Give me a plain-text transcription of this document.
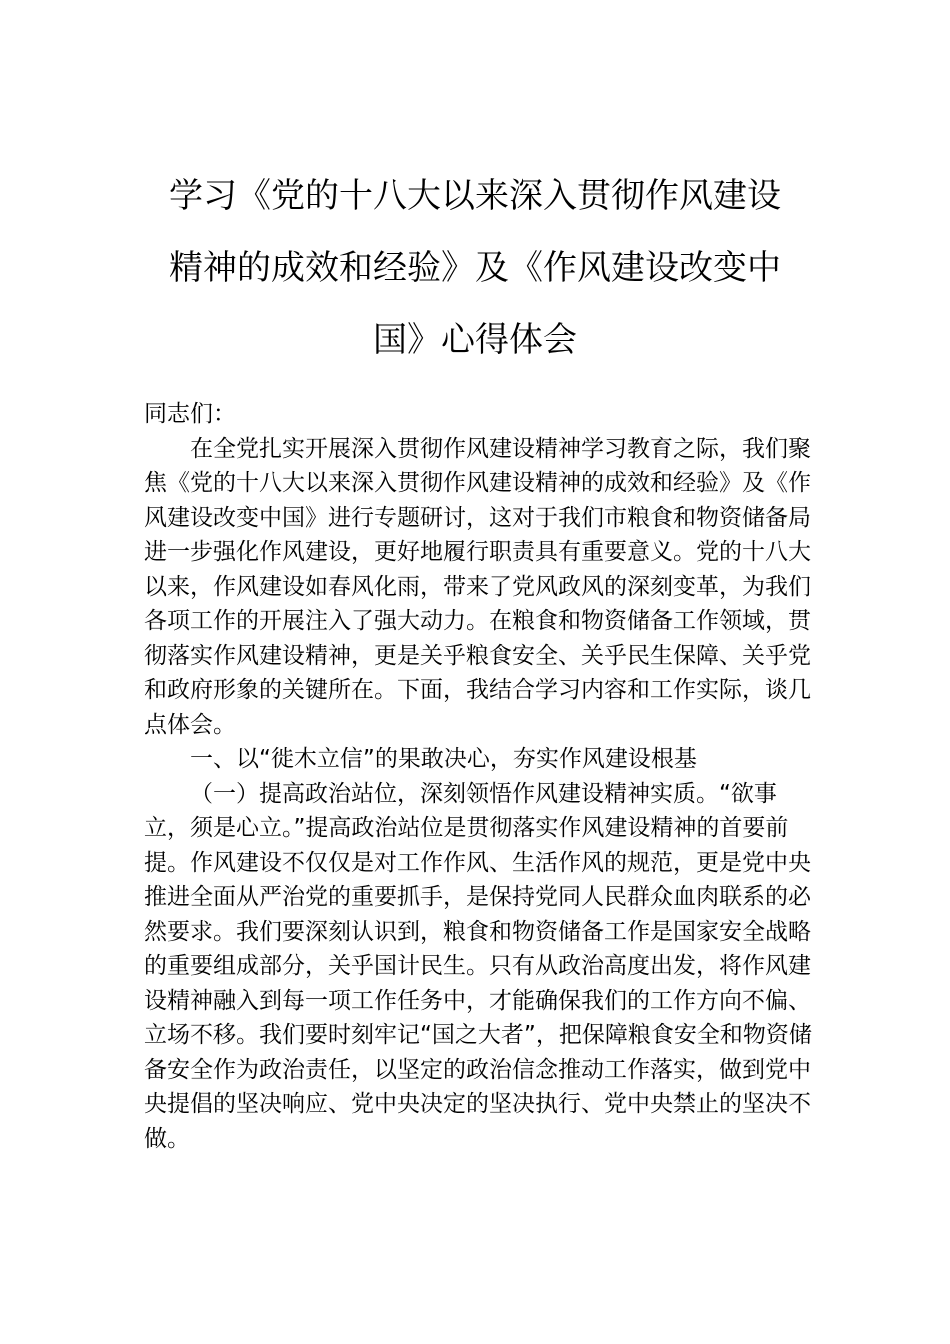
学习《党的十八大以来深入贯彻作风建设
精神的成效和经验》及《作风建设改变中
国》心得体会

同志们：

在全党扎实开展深入贯彻作风建设精神学习教育之际，我们聚焦《党的十八大以来深入贯彻作风建设精神的成效和经验》及《作风建设改变中国》进行专题研讨，这对于我们市粮食和物资储备局进一步强化作风建设，更好地履行职责具有重要意义。党的十八大以来，作风建设如春风化雨，带来了党风政风的深刻变革，为我们各项工作的开展注入了强大动力。在粮食和物资储备工作领域，贯彻落实作风建设精神，更是关乎粮食安全、关乎民生保障、关乎党和政府形象的关键所在。下面，我结合学习内容和工作实际，谈几点体会。

一、以“徙木立信”的果敢决心，夯实作风建设根基

（一）提高政治站位，深刻领悟作风建设精神实质。“欲事立，须是心立。”提高政治站位是贯彻落实作风建设精神的首要前提。作风建设不仅仅是对工作作风、生活作风的规范，更是党中央推进全面从严治党的重要抓手，是保持党同人民群众血肉联系的必然要求。我们要深刻认识到，粮食和物资储备工作是国家安全战略的重要组成部分，关乎国计民生。只有从政治高度出发，将作风建设精神融入到每一项工作任务中，才能确保我们的工作方向不偏、立场不移。我们要时刻牢记“国之大者”，把保障粮食安全和物资储备安全作为政治责任，以坚定的政治信念推动工作落实，做到党中央提倡的坚决响应、党中央决定的坚决执行、党中央禁止的坚决不做。
